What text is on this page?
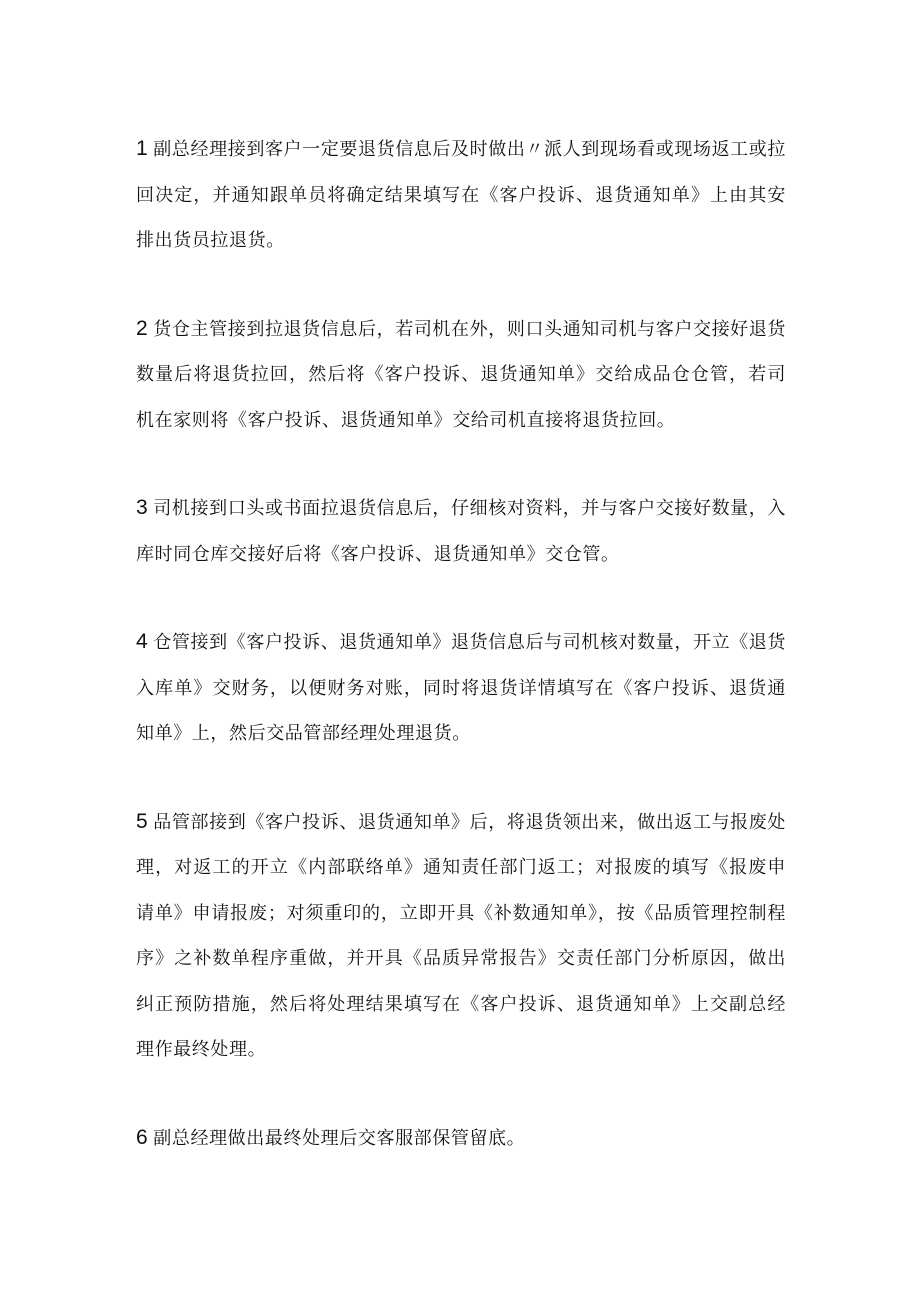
1 副总经理接到客户一定要退货信息后及时做出〃派人到现场看或现场返工或拉回决定，并通知跟单员将确定结果填写在《客户投诉、退货通知单》上由其安排出货员拉退货。

2 货仓主管接到拉退货信息后，若司机在外，则口头通知司机与客户交接好退货数量后将退货拉回，然后将《客户投诉、退货通知单》交给成品仓仓管，若司机在家则将《客户投诉、退货通知单》交给司机直接将退货拉回。

3 司机接到口头或书面拉退货信息后，仔细核对资料，并与客户交接好数量，入库时同仓库交接好后将《客户投诉、退货通知单》交仓管。

4 仓管接到《客户投诉、退货通知单》退货信息后与司机核对数量，开立《退货入库单》交财务，以便财务对账，同时将退货详情填写在《客户投诉、退货通知单》上，然后交品管部经理处理退货。

5 品管部接到《客户投诉、退货通知单》后，将退货领出来，做出返工与报废处理，对返工的开立《内部联络单》通知责任部门返工；对报废的填写《报废申请单》申请报废；对须重印的，立即开具《补数通知单》，按《品质管理控制程序》之补数单程序重做，并开具《品质异常报告》交责任部门分析原因，做出纠正预防措施，然后将处理结果填写在《客户投诉、退货通知单》上交副总经理作最终处理。

6 副总经理做出最终处理后交客服部保管留底。
